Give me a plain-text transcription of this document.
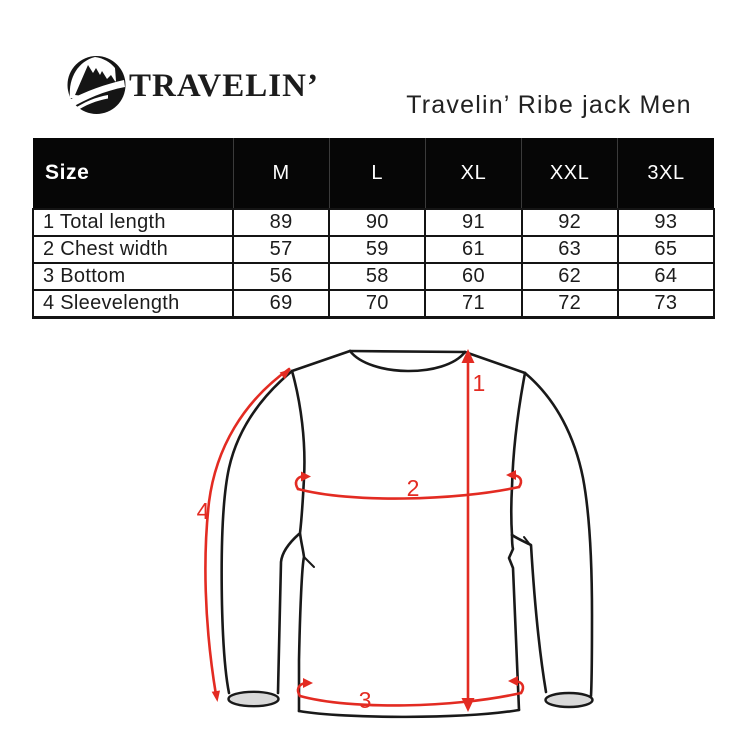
TRAVELIN’
Travelin’ Ribe jack Men
Size	M	L	XL	XXL	3XL
1 Total length	89	90	91	92	93
2 Chest width	57	59	61	63	65
3 Bottom	56	58	60	62	64
4 Sleevelength	69	70	71	72	73
1
2
3
4
